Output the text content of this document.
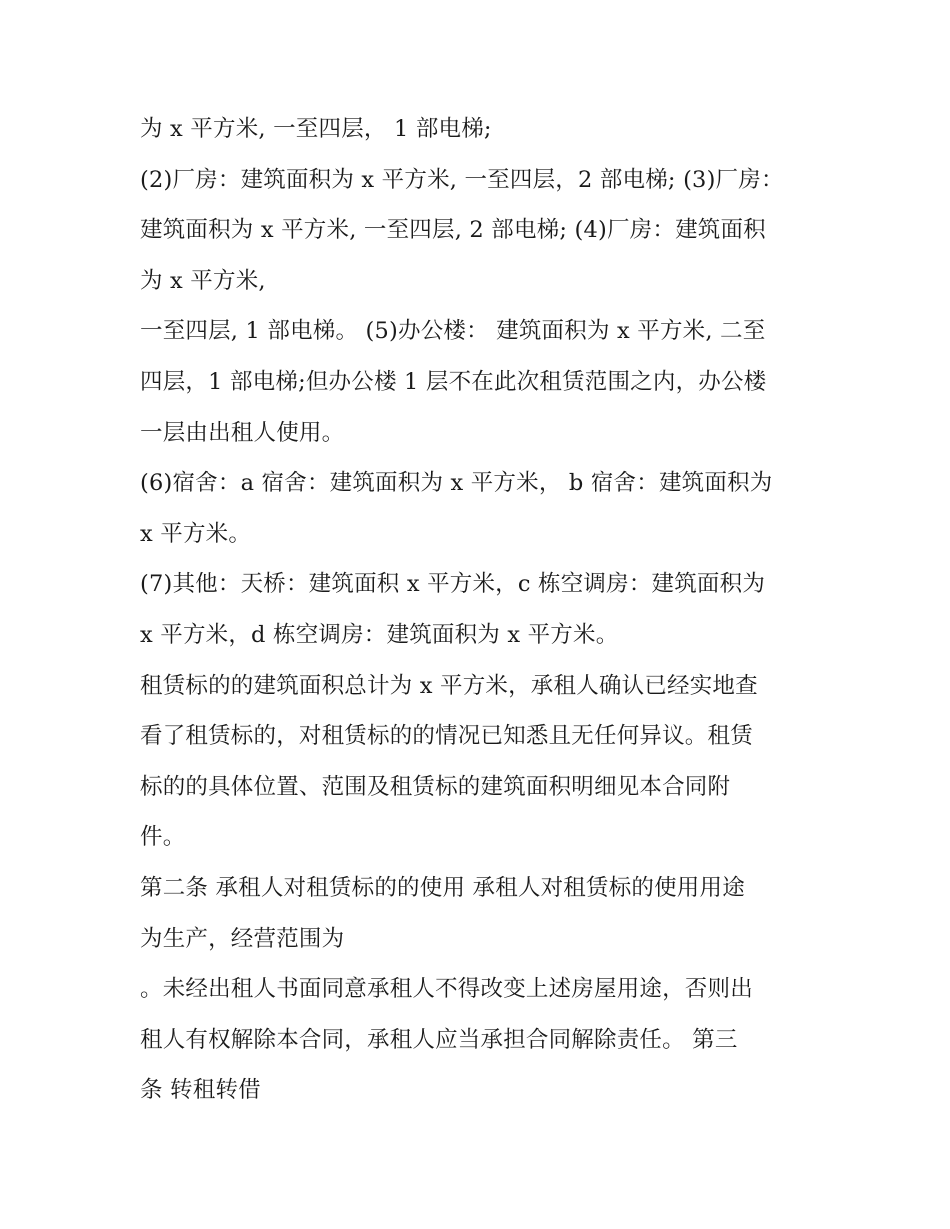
为 x 平方米, 一至四层， 1 部电梯;
(2)厂房：建筑面积为 x 平方米, 一至四层，2 部电梯; (3)厂房：
建筑面积为 x 平方米, 一至四层, 2 部电梯; (4)厂房：建筑面积
为 x 平方米,
一至四层, 1 部电梯。 (5)办公楼： 建筑面积为 x 平方米, 二至
四层，1 部电梯;但办公楼 1 层不在此次租赁范围之内，办公楼
一层由出租人使用。
(6)宿舍：a 宿舍：建筑面积为 x 平方米， b 宿舍：建筑面积为
x 平方米。
(7)其他：天桥：建筑面积 x 平方米，c 栋空调房：建筑面积为
x 平方米，d 栋空调房：建筑面积为 x 平方米。
租赁标的的建筑面积总计为 x 平方米，承租人确认已经实地查
看了租赁标的，对租赁标的的情况已知悉且无任何异议。租赁
标的的具体位置、范围及租赁标的建筑面积明细见本合同附
件。
第二条 承租人对租赁标的的使用 承租人对租赁标的使用用途
为生产，经营范围为
。未经出租人书面同意承租人不得改变上述房屋用途，否则出
租人有权解除本合同，承租人应当承担合同解除责任。 第三
条 转租转借
